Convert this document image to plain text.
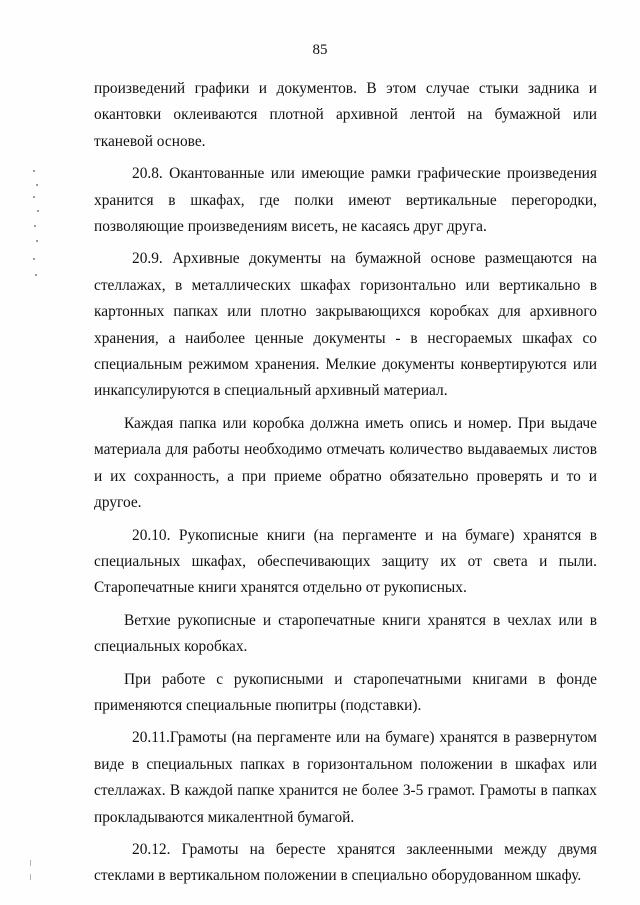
85

произведений графики и документов. В этом случае стыки задника и окантовки оклеиваются плотной архивной лентой на бумажной или тканевой основе.

20.8. Окантованные или имеющие рамки графические произведения хранится в шкафах, где полки имеют вертикальные перегородки, позволяющие произведениям висеть, не касаясь друг друга.

20.9. Архивные документы на бумажной основе размещаются на стеллажах, в металлических шкафах горизонтально или вертикально в картонных папках или плотно закрывающихся коробках для архивного хранения, а наиболее ценные документы - в несгораемых шкафах со специальным режимом хранения. Мелкие документы конвертируются или инкапсулируются в специальный архивный материал.

Каждая папка или коробка должна иметь опись и номер. При выдаче материала для работы необходимо отмечать количество выдаваемых листов и их сохранность, а при приеме обратно обязательно проверять и то и другое.

20.10. Рукописные книги (на пергаменте и на бумаге) хранятся в специальных шкафах, обеспечивающих защиту их от света и пыли. Старопечатные книги хранятся отдельно от рукописных.

Ветхие рукописные и старопечатные книги хранятся в чехлах или в специальных коробках.

При работе с рукописными и старопечатными книгами в фонде применяются специальные пюпитры (подставки).

20.11.Грамоты (на пергаменте или на бумаге) хранятся в развернутом виде в специальных папках в горизонтальном положении в шкафах или стеллажах. В каждой папке хранится не более 3-5 грамот. Грамоты в папках прокладываются микалентной бумагой.

20.12. Грамоты на бересте хранятся заклеенными между двумя стеклами в вертикальном положении в специально оборудованном шкафу.
